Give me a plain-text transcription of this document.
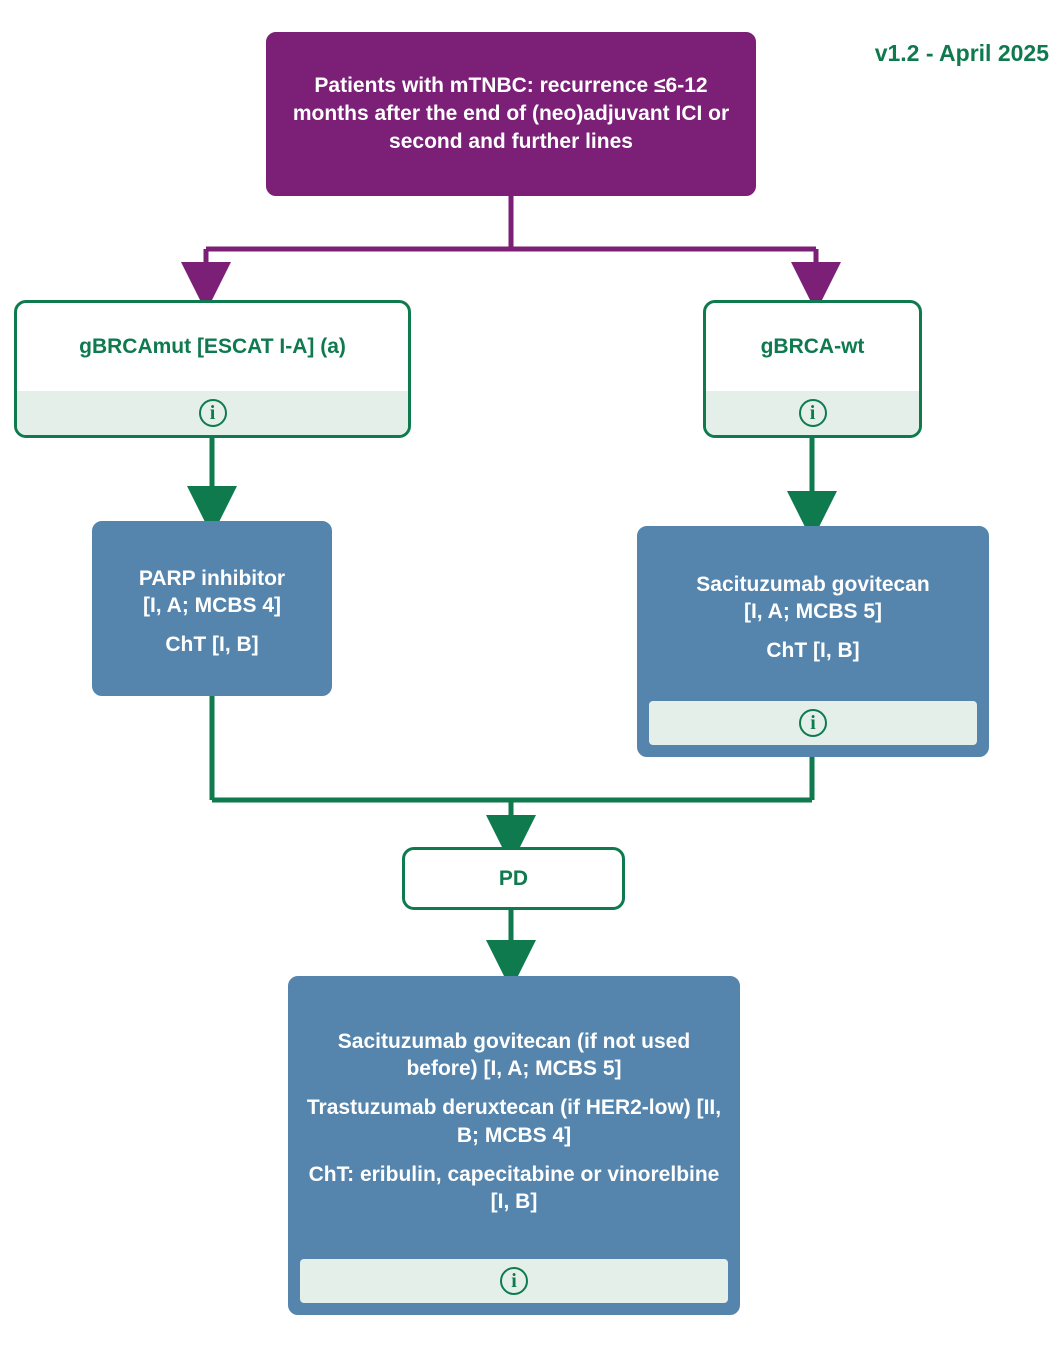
v1.2 - April 2025
Patients with mTNBC: recurrence ≤6-12 months after the end of (neo)adjuvant ICI or second and further lines
gBRCAmut [ESCAT I-A] (a)
i
gBRCA-wt
i

PARP inhibitor
[I, A; MCBS 4]

ChT [I, B]

Sacituzumab govitecan
[I, A; MCBS 5]

ChT [I, B]

i
PD

Sacituzumab govitecan (if not used before) [I, A; MCBS 5]

Trastuzumab deruxtecan (if HER2-low) [II, B; MCBS 4]

ChT: eribulin, capecitabine or vinorelbine [I, B]

i
